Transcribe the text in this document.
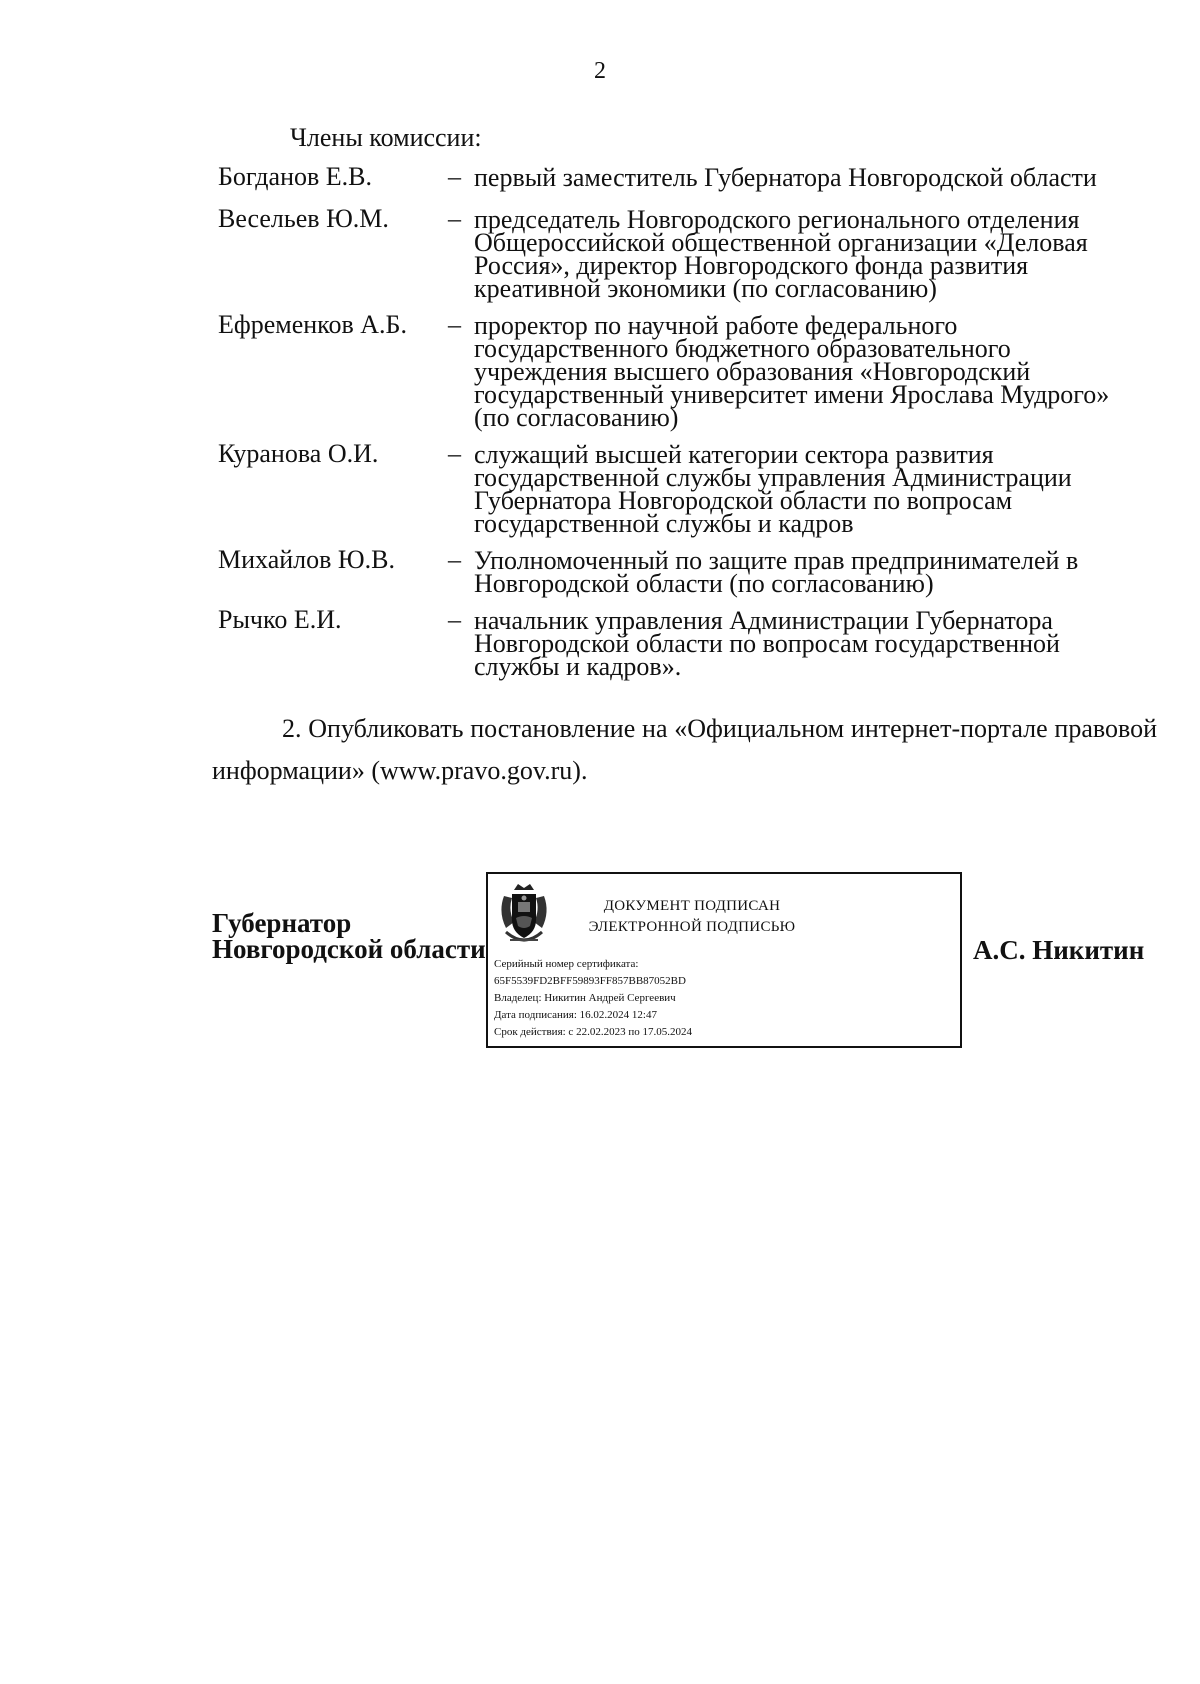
2
Члены комиссии:
Богданов Е.В.	– первый заместитель Губернатора Новгородской области
Весельев Ю.М.	– председатель Новгородского регионального отделения Общероссийской общественной организации «Деловая Россия», директор Новгородского фонда развития креативной экономики (по согласованию)
Ефременков А.Б.	– проректор по научной работе федерального государственного бюджетного образовательного учреждения высшего образования «Новгородский государственный университет имени Ярослава Мудрого» (по согласованию)
Куранова О.И.	– служащий высшей категории сектора развития государственной службы управления Администрации Губернатора Новгородской области по вопросам государственной службы и кадров
Михайлов Ю.В.	– Уполномоченный по защите прав предпринимателей в Новгородской области (по согласованию)
Рычко Е.И.	– начальник управления Администрации Губернатора Новгородской области по вопросам государственной службы и кадров».
2. Опубликовать постановление на «Официальном интернет-портале правовой информации» (www.pravo.gov.ru).
Губернатор
Новгородской области
ДОКУМЕНТ ПОДПИСАН
ЭЛЕКТРОННОЙ ПОДПИСЬЮ
Серийный номер сертификата:
65F5539FD2BFF59893FF857BB87052BD
Владелец: Никитин Андрей Сергеевич
Дата подписания: 16.02.2024 12:47
Срок действия: с 22.02.2023 по 17.05.2024
А.С. Никитин
